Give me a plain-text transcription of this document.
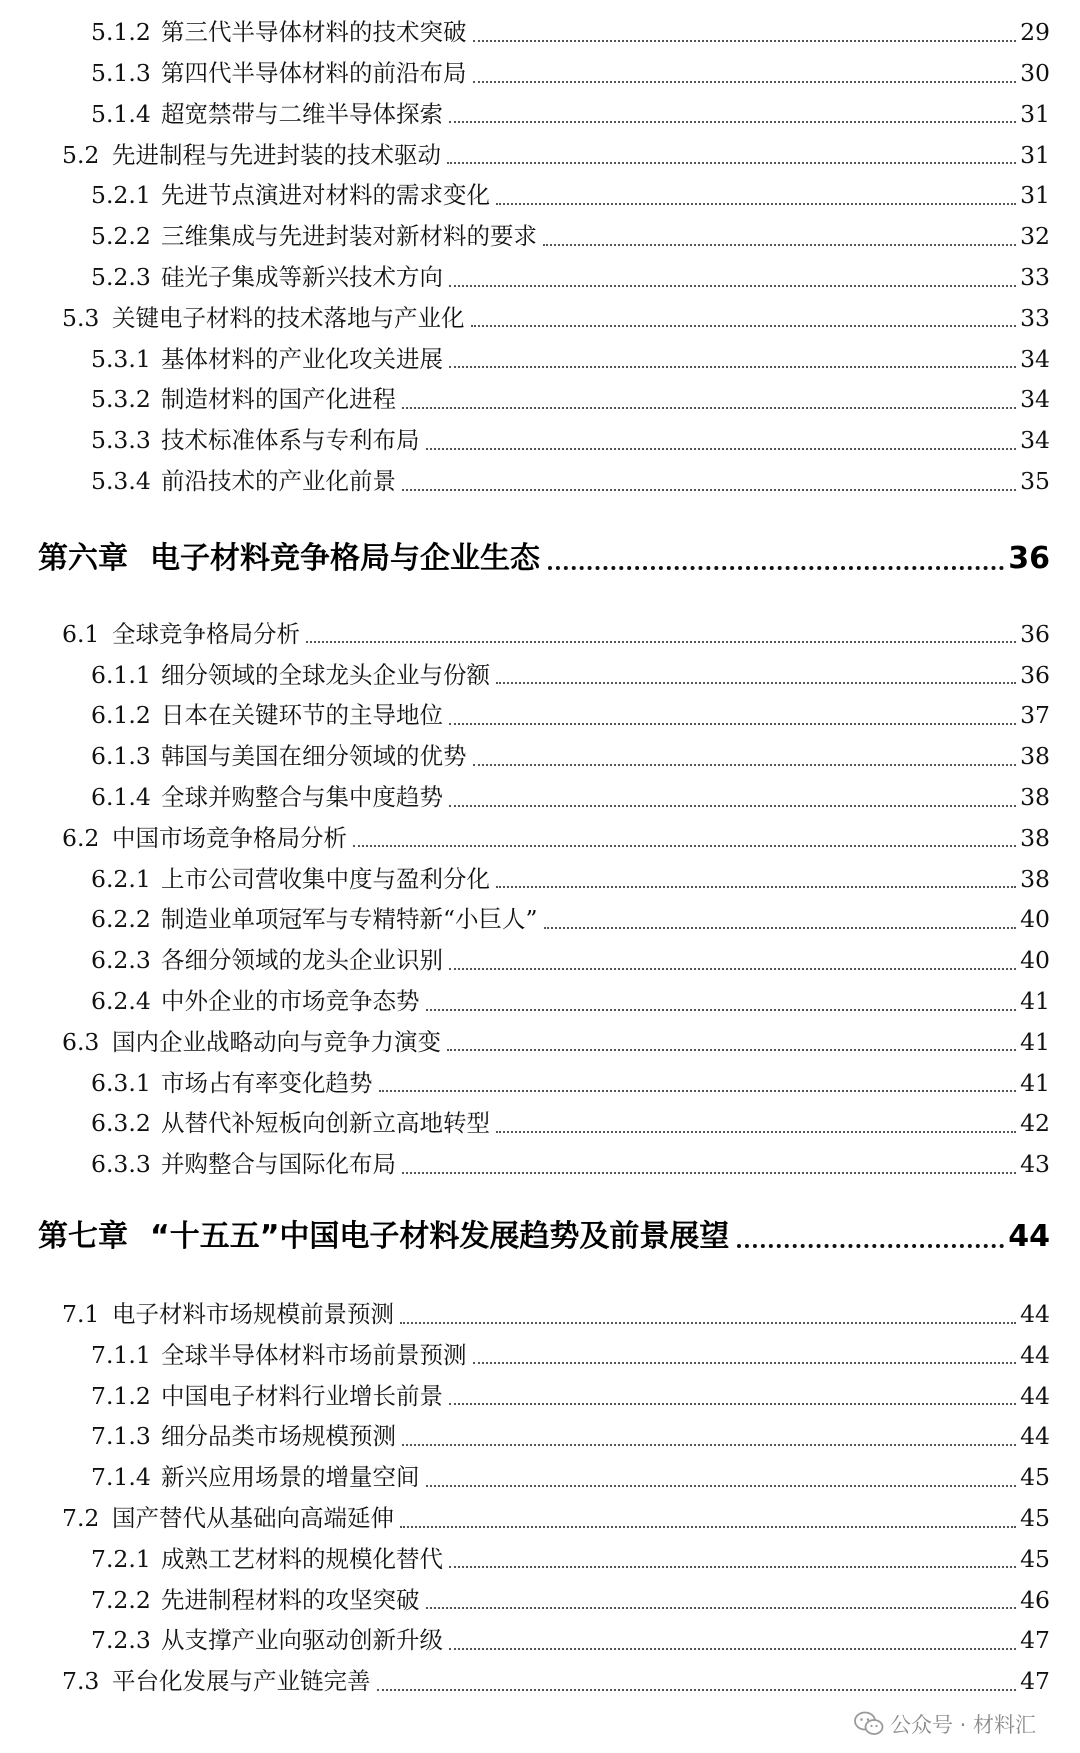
5.1.2 第三代半导体材料的技术突破	29
5.1.3 第四代半导体材料的前沿布局	30
5.1.4 超宽禁带与二维半导体探索	31
5.2 先进制程与先进封装的技术驱动	31
5.2.1 先进节点演进对材料的需求变化	31
5.2.2 三维集成与先进封装对新材料的要求	32
5.2.3 硅光子集成等新兴技术方向	33
5.3 关键电子材料的技术落地与产业化	33
5.3.1 基体材料的产业化攻关进展	34
5.3.2 制造材料的国产化进程	34
5.3.3 技术标准体系与专利布局	34
5.3.4 前沿技术的产业化前景	35
第六章 电子材料竞争格局与企业生态	36
6.1 全球竞争格局分析	36
6.1.1 细分领域的全球龙头企业与份额	36
6.1.2 日本在关键环节的主导地位	37
6.1.3 韩国与美国在细分领域的优势	38
6.1.4 全球并购整合与集中度趋势	38
6.2 中国市场竞争格局分析	38
6.2.1 上市公司营收集中度与盈利分化	38
6.2.2 制造业单项冠军与专精特新“小巨人”	40
6.2.3 各细分领域的龙头企业识别	40
6.2.4 中外企业的市场竞争态势	41
6.3 国内企业战略动向与竞争力演变	41
6.3.1 市场占有率变化趋势	41
6.3.2 从替代补短板向创新立高地转型	42
6.3.3 并购整合与国际化布局	43
第七章 “十五五”中国电子材料发展趋势及前景展望	44
7.1 电子材料市场规模前景预测	44
7.1.1 全球半导体材料市场前景预测	44
7.1.2 中国电子材料行业增长前景	44
7.1.3 细分品类市场规模预测	44
7.1.4 新兴应用场景的增量空间	45
7.2 国产替代从基础向高端延伸	45
7.2.1 成熟工艺材料的规模化替代	45
7.2.2 先进制程材料的攻坚突破	46
7.2.3 从支撑产业向驱动创新升级	47
7.3 平台化发展与产业链完善	47
公众号 · 材料汇
